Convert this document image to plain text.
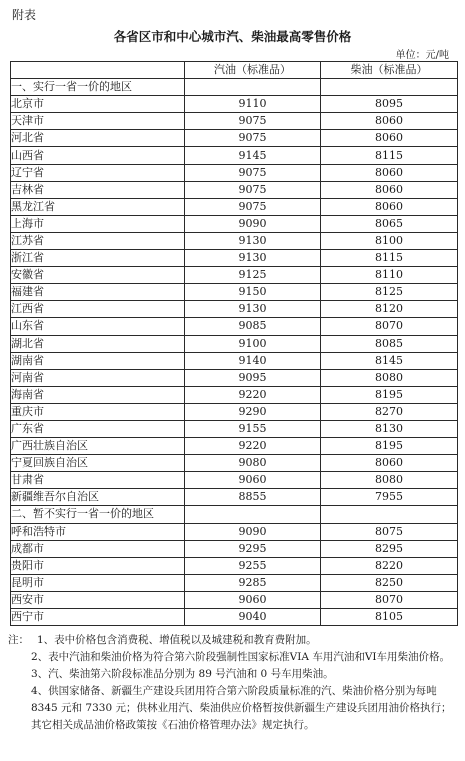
附表
各省区市和中心城市汽、柴油最高零售价格
单位：元/吨
	汽油（标准品）	柴油（标准品）
一、实行一省一价的地区		
北京市	9110	8095
天津市	9075	8060
河北省	9075	8060
山西省	9145	8115
辽宁省	9075	8060
吉林省	9075	8060
黑龙江省	9075	8060
上海市	9090	8065
江苏省	9130	8100
浙江省	9130	8115
安徽省	9125	8110
福建省	9150	8125
江西省	9130	8120
山东省	9085	8070
湖北省	9100	8085
湖南省	9140	8145
河南省	9095	8080
海南省	9220	8195
重庆市	9290	8270
广东省	9155	8130
广西壮族自治区	9220	8195
宁夏回族自治区	9080	8060
甘肃省	9060	8080
新疆维吾尔自治区	8855	7955
二、暂不实行一省一价的地区		
呼和浩特市	9090	8075
成都市	9295	8295
贵阳市	9255	8220
昆明市	9285	8250
西安市	9060	8070
西宁市	9040	8105

注： 1、表中价格包含消费税、增值税以及城建税和教育费附加。

2、表中汽油和柴油价格为符合第六阶段强制性国家标准VIA 车用汽油和VI车用柴油价格。

3、汽、柴油第六阶段标准品分别为 89 号汽油和 0 号车用柴油。

4、供国家储备、新疆生产建设兵团用符合第六阶段质量标准的汽、柴油价格分别为每吨 8345 元和 7330 元；供林业用汽、柴油供应价格暂按供新疆生产建设兵团用油价格执行；其它相关成品油价格政策按《石油价格管理办法》规定执行。
